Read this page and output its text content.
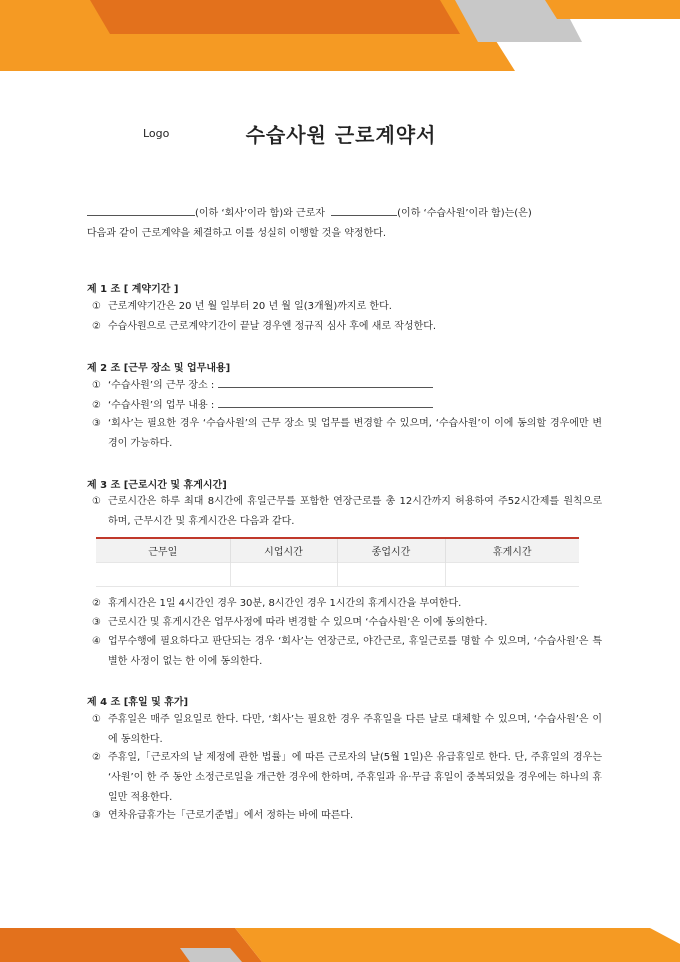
Logo	수습사원 근로계약서
(이하 ‘회사’이라 함)와 근로자	(이하 ‘수습사원’이라 함)는(은)
다음과 같이 근로계약을 체결하고 이를 성실히 이행할 것을 약정한다.
제 1 조 [ 계약기간 ]
① 근로계약기간은 20 년 월 일부터 20 년 월 일(3개월)까지로 한다.
② 수습사원으로 근로계약기간이 끝날 경우엔 정규직 심사 후에 새로 작성한다.
제 2 조 [근무 장소 및 업무내용]
① ‘수습사원’의 근무 장소 :
② ‘수습사원’의 업무 내용 :
③ ‘회사’는 필요한 경우 ‘수습사원’의 근무 장소 및 업무를 변경할 수 있으며, ‘수습사원’이 이에 동의할 경우에만 변경이 가능하다.
제 3 조 [근로시간 및 휴게시간]
① 근로시간은 하루 최대 8시간에 휴일근무를 포함한 연장근로를 총 12시간까지 허용하여 주52시간제를 원칙으로 하며, 근무시간 및 휴게시간은 다음과 같다.
근무일	시업시간	종업시간	휴게시간

② 휴게시간은 1일 4시간인 경우 30분, 8시간인 경우 1시간의 휴게시간을 부여한다.
③ 근로시간 및 휴게시간은 업무사정에 따라 변경할 수 있으며 ‘수습사원’은 이에 동의한다.
④ 업무수행에 필요하다고 판단되는 경우 ‘회사’는 연장근로, 야간근로, 휴일근로를 명할 수 있으며, ‘수습사원’은 특별한 사정이 없는 한 이에 동의한다.
제 4 조 [휴일 및 휴가]
① 주휴일은 매주 일요일로 한다. 다만, ‘회사’는 필요한 경우 주휴일을 다른 날로 대체할 수 있으며, ‘수습사원’은 이에 동의한다.
② 주휴일,「근로자의 날 제정에 관한 법률」에 따른 근로자의 날(5월 1일)은 유급휴일로 한다. 단, 주휴일의 경우는 ‘사원’이 한 주 동안 소정근로일을 개근한 경우에 한하며, 주휴일과 유·무급 휴일이 중복되었을 경우에는 하나의 휴일만 적용한다.
③ 연차유급휴가는「근로기준법」에서 정하는 바에 따른다.
